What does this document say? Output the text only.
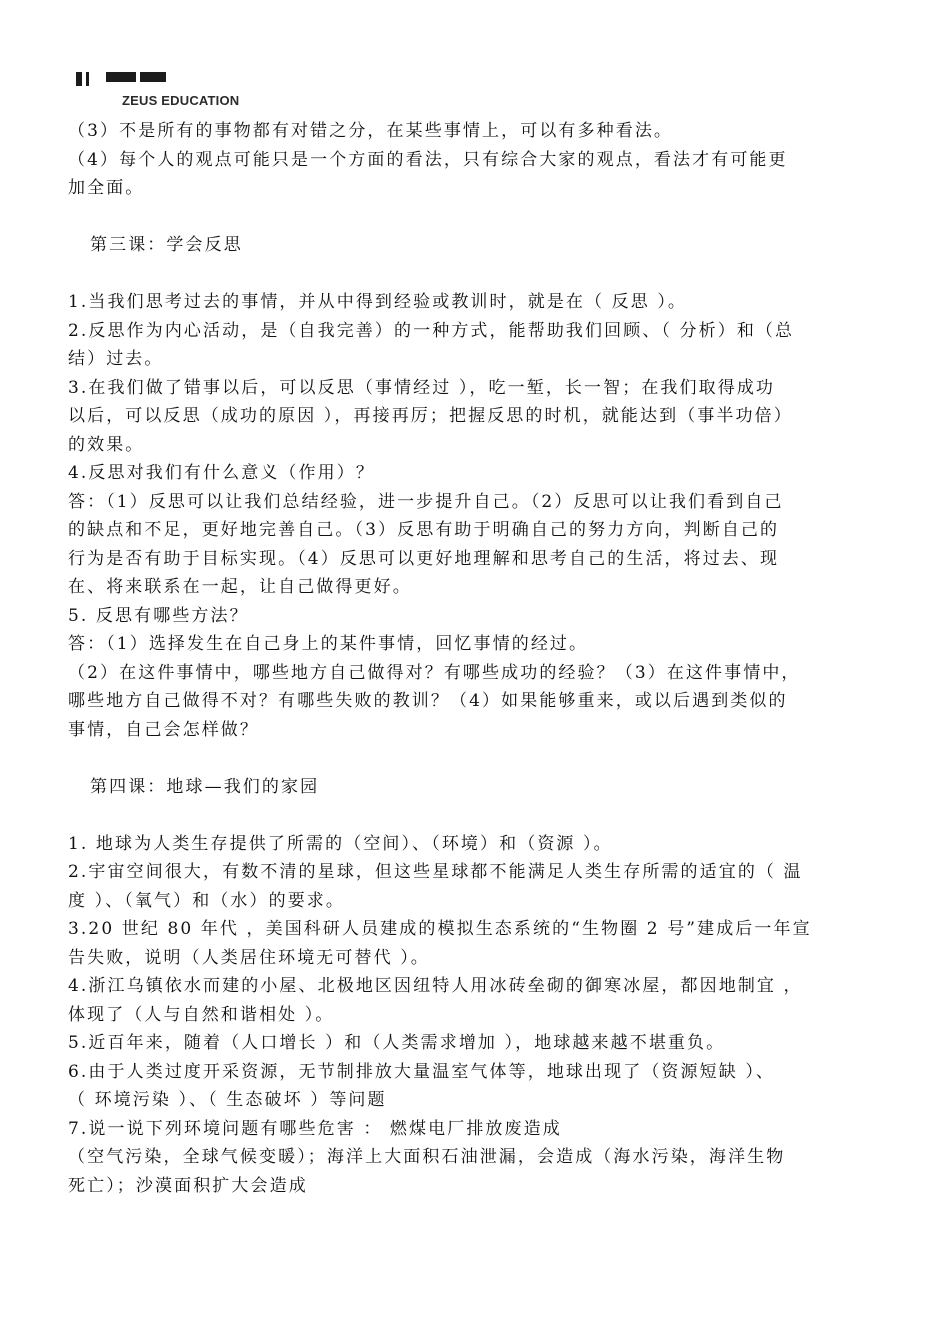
ZEUS EDUCATION
（3）不是所有的事物都有对错之分，在某些事情上，可以有多种看法。
（4）每个人的观点可能只是一个方面的看法，只有综合大家的观点，看法才有可能更
加全面。
第三课：学会反思
1.当我们思考过去的事情，并从中得到经验或教训时，就是在（ 反思 ）。
2.反思作为内心活动，是（自我完善）的一种方式，能帮助我们回顾、（ 分析）和（总
结）过去。
3.在我们做了错事以后，可以反思（事情经过 ），吃一堑，长一智；在我们取得成功
以后，可以反思（成功的原因 ），再接再厉；把握反思的时机，就能达到（事半功倍）
的效果。
4.反思对我们有什么意义（作用）？
答：（1）反思可以让我们总结经验，进一步提升自己。（2）反思可以让我们看到自己
的缺点和不足，更好地完善自己。（3）反思有助于明确自己的努力方向，判断自己的
行为是否有助于目标实现。（4）反思可以更好地理解和思考自己的生活，将过去、现
在、将来联系在一起，让自己做得更好。
5. 反思有哪些方法？
答：（1）选择发生在自己身上的某件事情，回忆事情的经过。
（2）在这件事情中，哪些地方自己做得对？有哪些成功的经验？（3）在这件事情中，
哪些地方自己做得不对？有哪些失败的教训？（4）如果能够重来，或以后遇到类似的
事情，自己会怎样做？
第四课：地球—我们的家园
1. 地球为人类生存提供了所需的（空间）、（环境）和（资源 ）。
2.宇宙空间很大，有数不清的星球，但这些星球都不能满足人类生存所需的适宜的（ 温
度 ）、（氧气）和（水）的要求。
3.20 世纪 80 年代 ，美国科研人员建成的模拟生态系统的“生物圈 2 号”建成后一年宣
告失败，说明（人类居住环境无可替代 ）。
4.浙江乌镇依水而建的小屋、北极地区因纽特人用冰砖垒砌的御寒冰屋，都因地制宜 ，
体现了（人与自然和谐相处 ）。
5.近百年来，随着（人口增长 ）和（人类需求增加 ），地球越来越不堪重负。
6.由于人类过度开采资源，无节制排放大量温室气体等，地球出现了（资源短缺 ）、
（ 环境污染 ）、（ 生态破坏 ）等问题
7.说一说下列环境问题有哪些危害 ： 燃煤电厂排放废造成
（空气污染，全球气候变暖）；海洋上大面积石油泄漏，会造成（海水污染，海洋生物
死亡）；沙漠面积扩大会造成
